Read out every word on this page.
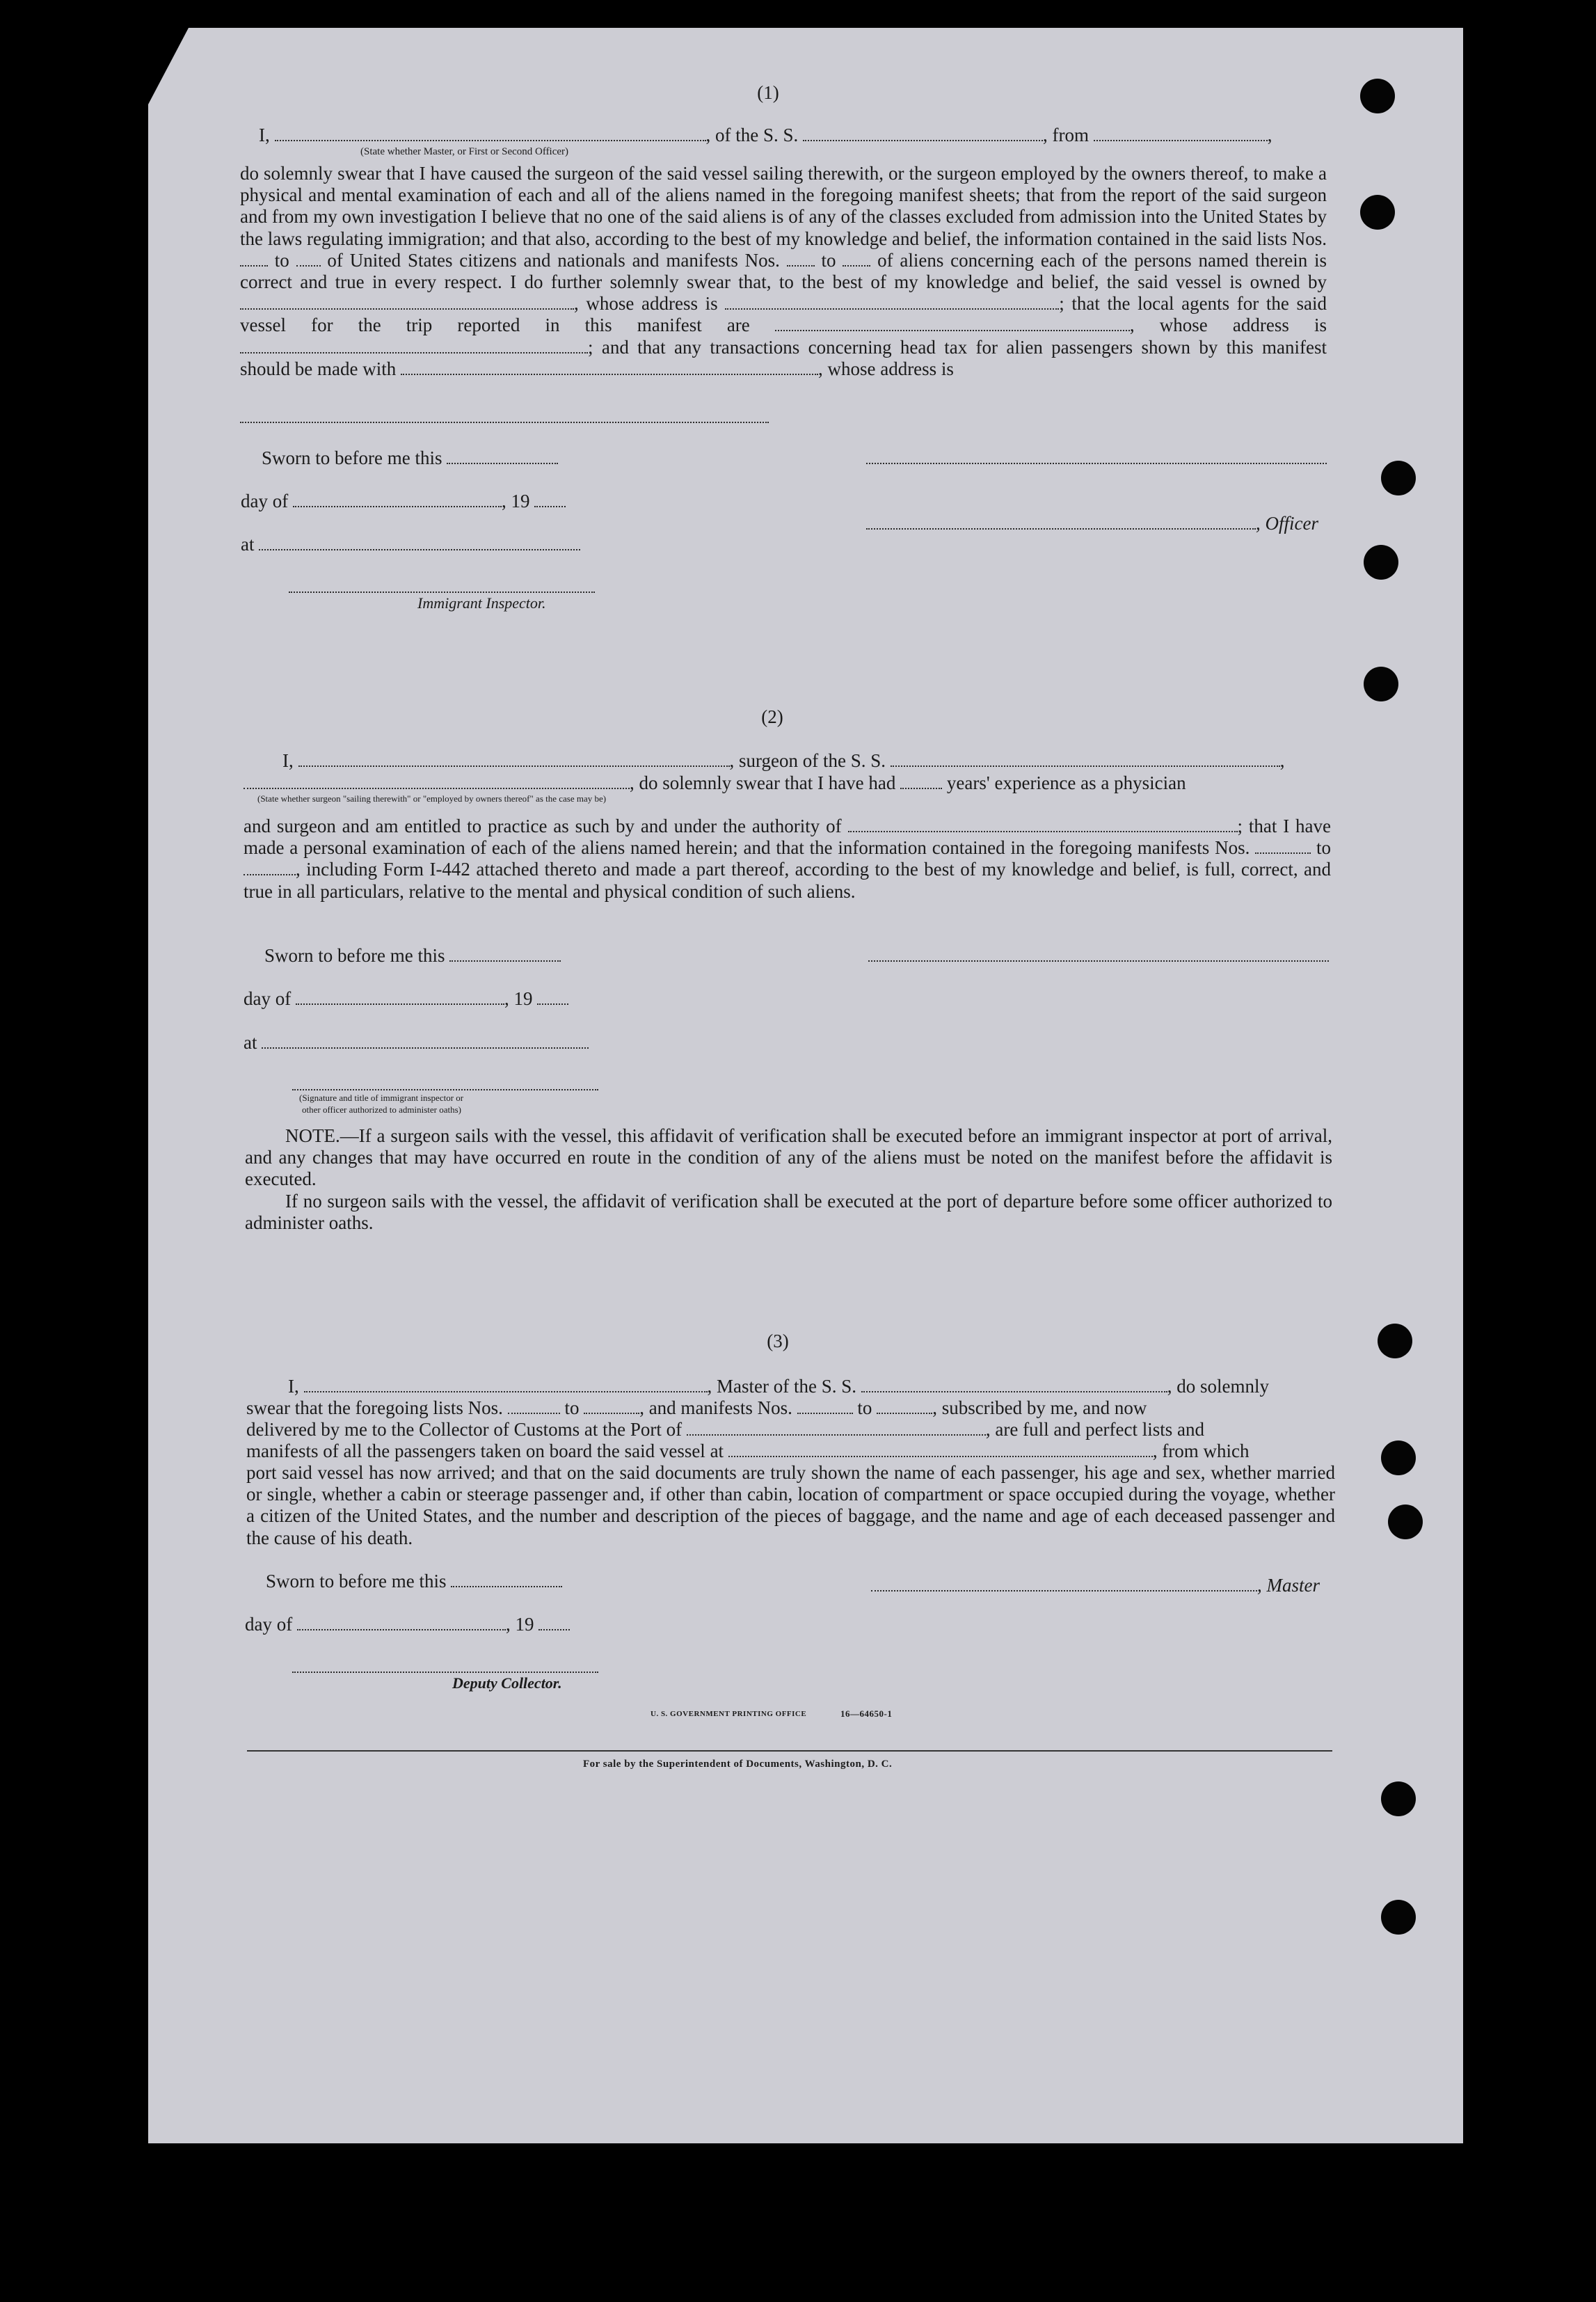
(1)
I,	, of the S. S.	, from	,
(State whether Master, or First or Second Officer)
do solemnly swear that I have caused the surgeon of the said vessel sailing therewith, or the surgeon employed by the owners thereof, to make a physical and mental examination of each and all of the aliens named in the foregoing manifest sheets; that from the report of the said surgeon and from my own investigation I believe that no one of the said aliens is of any of the classes excluded from admission into the United States by the laws regulating immigration; and that also, according to the best of my knowledge and belief, the information contained in the said lists Nos.  to of United States citizens and nationals and manifests Nos. to of aliens concerning each of the persons named therein is correct and true in every respect. I do further solemnly swear that, to the best of my knowledge and belief, the said vessel is owned by , whose address is	; that the local agents for the said vessel for the trip reported in this manifest are	, whose address is ; and that any transactions concerning head tax for alien passengers shown by this manifest should be made with	, whose address is
Sworn to before me this
day of	, 19
, Officer
at
Immigrant Inspector.
(2)
I,	, surgeon of the S. S.	,
, do solemnly swear that I have had	years' experience as a physician
(State whether surgeon "sailing therewith" or "employed by owners thereof" as the case may be)
and surgeon and am entitled to practice as such by and under the authority of	; that I have made a personal examination of each of the aliens named herein; and that the information contained in the foregoing manifests Nos.	to , including Form I-442 attached thereto and made a part thereof, according to the best of my knowledge and belief, is full, correct, and true in all particulars, relative to the mental and physical condition of such aliens.
Sworn to before me this
day of	, 19
at
(Signature and title of immigrant inspector or
other officer authorized to administer oaths)
NOTE.—If a surgeon sails with the vessel, this affidavit of verification shall be executed before an immigrant inspector at port of arrival, and any changes that may have occurred en route in the condition of any of the aliens must be noted on the manifest before the affidavit is executed.
If no surgeon sails with the vessel, the affidavit of verification shall be executed at the port of departure before some officer authorized to administer oaths.
(3)
I,	, Master of the S. S.	, do solemnly
swear that the foregoing lists Nos.	to	, and manifests Nos.	to	, subscribed by me, and now
delivered by me to the Collector of Customs at the Port of	, are full and perfect lists and
manifests of all the passengers taken on board the said vessel at	, from which
port said vessel has now arrived; and that on the said documents are truly shown the name of each passenger, his age and sex, whether married or single, whether a cabin or steerage passenger and, if other than cabin, location of compartment or space occupied during the voyage, whether a citizen of the United States, and the number and description of the pieces of baggage, and the name and age of each deceased passenger and the cause of his death.
Sworn to before me this	, Master
day of	, 19
Deputy Collector.
U. S. GOVERNMENT PRINTING OFFICE	16—64650-1
For sale by the Superintendent of Documents, Washington, D. C.
